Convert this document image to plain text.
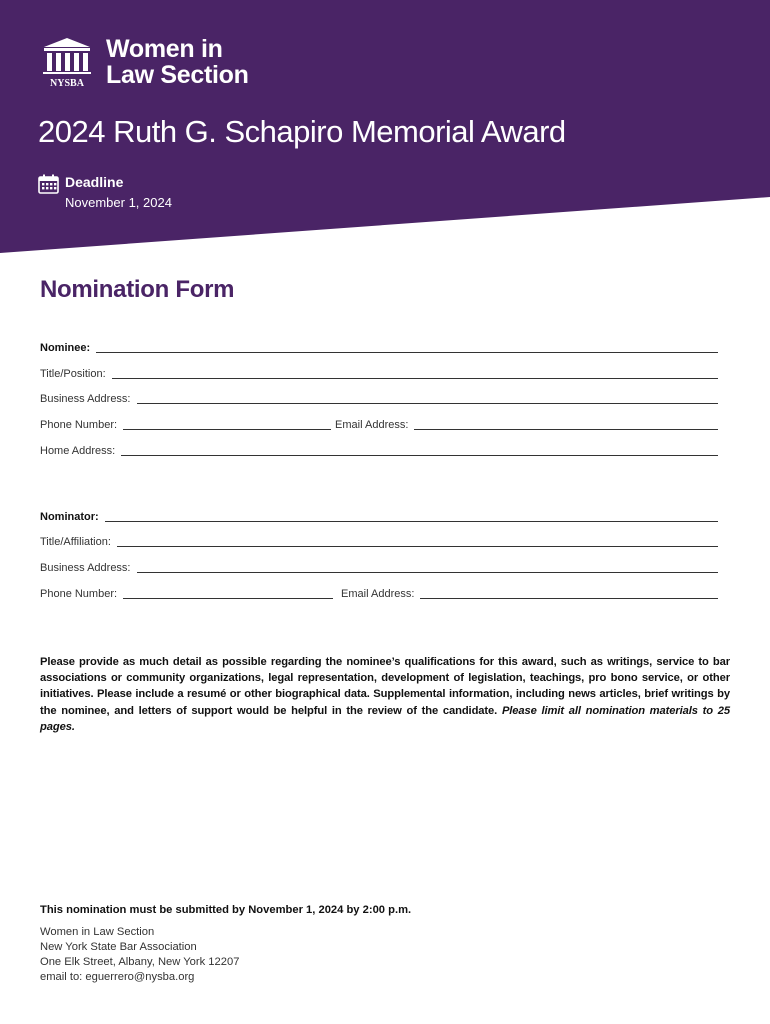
NYSBA
Women in
Law Section
2024 Ruth G. Schapiro Memorial Award
Deadline
November 1, 2024
Nomination Form
Nominee:
Title/Position:
Business Address:
Phone Number:	Email Address:
Home Address:
Nominator:
Title/Affiliation:
Business Address:
Phone Number:	Email Address:

Please provide as much detail as possible regarding the nominee’s qualifications for this award, such as writings, service to bar associations or community organizations, legal representation, development of legislation, teachings, pro bono service, or other initiatives. Please include a resumé or other biographical data. Supplemental information, including news articles, brief writings by the nominee, and letters of support would be helpful in the review of the candidate. Please limit all nomination materials to 25 pages.

This nomination must be submitted by November 1, 2024 by 2:00 p.m.

Women in Law Section
New York State Bar Association
One Elk Street, Albany, New York 12207
email to: eguerrero@nysba.org
